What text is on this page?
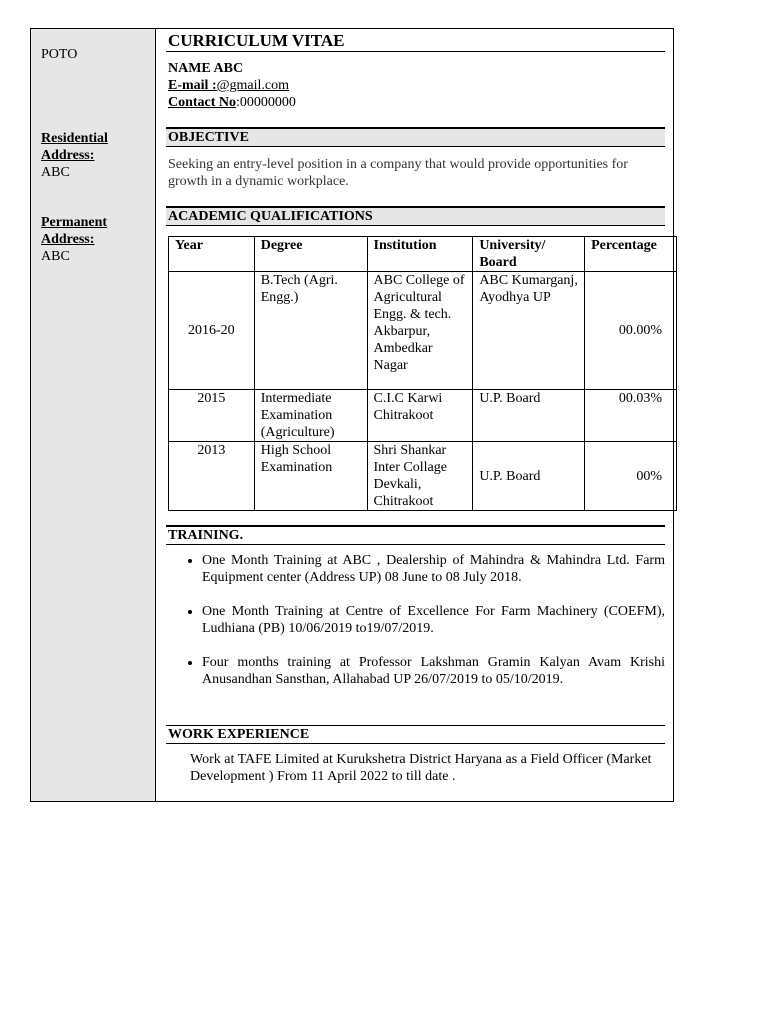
POTO
Residential
Address:
ABC
Permanent
Address:
ABC
CURRICULUM VITAE
NAME ABC
E-mail :@gmail.com
Contact No:00000000
OBJECTIVE
Seeking an entry-level position in a company that would provide opportunities for growth in a dynamic workplace.
ACADEMIC QUALIFICATIONS
Year	Degree	Institution	University/ Board	Percentage
2016-20	B.Tech (Agri. Engg.)	ABC College of Agricultural Engg. & tech. Akbarpur, Ambedkar Nagar	ABC Kumarganj, Ayodhya UP	00.00%
2015	Intermediate Examination (Agriculture)	C.I.C Karwi Chitrakoot	U.P. Board	00.03%
2013	High School Examination	Shri Shankar Inter Collage Devkali, Chitrakoot	U.P. Board	00%
TRAINING.
• One Month Training at ABC , Dealership of Mahindra & Mahindra Ltd. Farm Equipment center (Address UP) 08 June to 08 July 2018.
• One Month Training at Centre of Excellence For Farm Machinery (COEFM), Ludhiana (PB) 10/06/2019 to19/07/2019.
• Four months training at Professor Lakshman Gramin Kalyan Avam Krishi Anusandhan Sansthan, Allahabad UP 26/07/2019 to 05/10/2019.
WORK EXPERIENCE
Work at TAFE Limited at Kurukshetra District Haryana as a Field Officer (Market Development ) From 11 April 2022 to till date .
